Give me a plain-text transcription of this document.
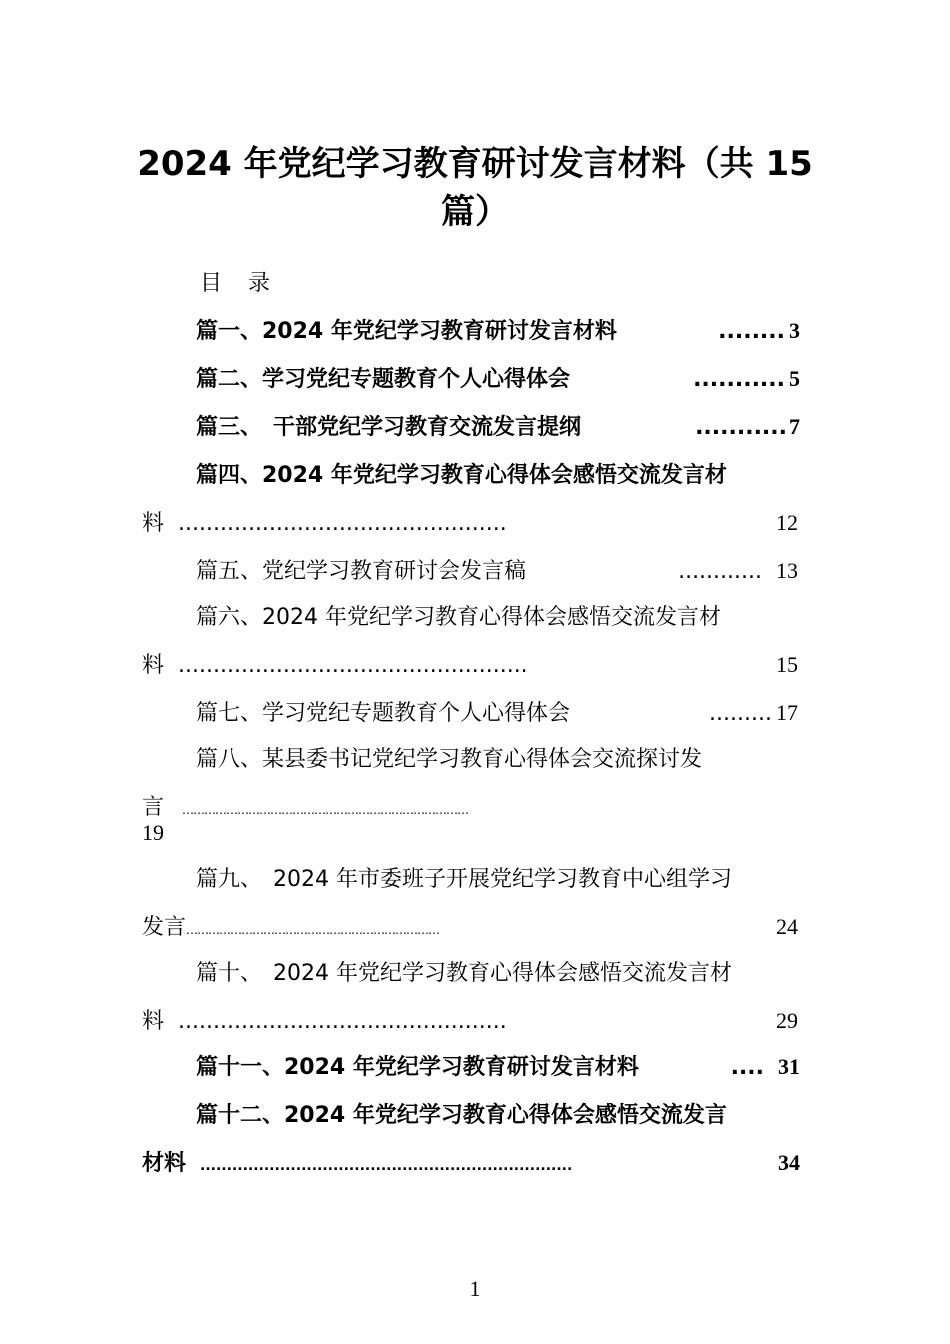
2024 年党纪学习教育研讨发言材料（共 15 篇）
目　录
篇一、2024 年党纪学习教育研讨发言材料	........ 3
篇二、学习党纪专题教育个人心得体会	........... 5
篇三、　干部党纪学习教育交流发言提纲	........... 7
篇四、2024 年党纪学习教育心得体会感悟交流发言材
料 ...............................................	12
篇五、党纪学习教育研讨会发言稿	............ 13
篇六、2024 年党纪学习教育心得体会感悟交流发言材
料 ..................................................	15
篇七、学习党纪专题教育个人心得体会	......... 17
篇八、某县委书记党纪学习教育心得体会交流探讨发
言 ……………………………………………………………………
19
篇九、　2024 年市委班子开展党纪学习教育中心组学习
发言 ……………………………………………………………	24
篇十、　2024 年党纪学习教育心得体会感悟交流发言材
料 ...............................................	29
篇十一、2024 年党纪学习教育研讨发言材料	.... 31
篇十二、2024 年党纪学习教育心得体会感悟交流发言
材料 ......................................................................	34
1
